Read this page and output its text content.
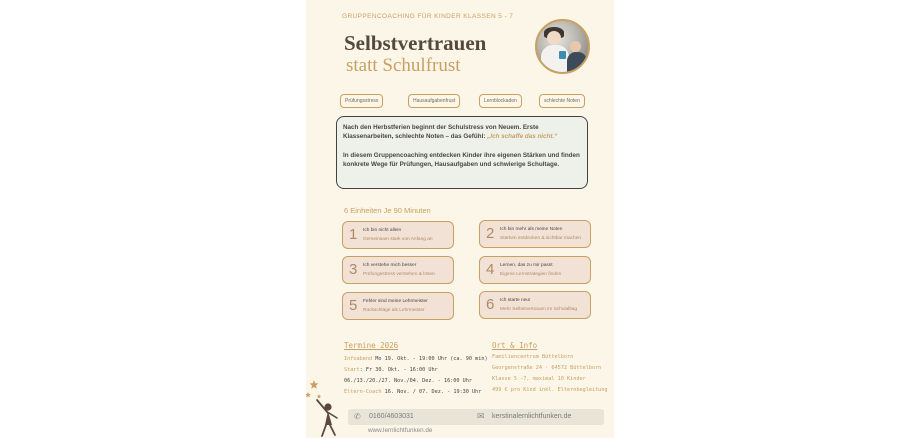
GRUPPENCOACHING FÜR KINDER KLASSEN 5 - 7
Selbstvertrauen
statt Schulfrust
Prüfungsstress	Hausaufgabenfrust	Lernblockaden	schlechte Noten

Nach den Herbstferien beginnt der Schulstress von Neuem. Erste Klassenarbeiten, schlechte Noten – das Gefühl: „Ich schaffe das nicht.“

In diesem Gruppencoaching entdecken Kinder ihre eigenen Stärken und finden konkrete Wege für Prüfungen, Hausaufgaben und schwierige Schultage.

6 Einheiten Je 90 Minuten
1 Ich bin nicht allein
Gemeinsam stark von Anfang an	2 Ich bin mehr als meine Noten
Stärken entdecken & sichtbar machen
3 Ich verstehe mich besser
Prüfungsstress verstehen & lösen	4 Lernen, das zu mir passt
Eigene Lernstrategien finden
5 Fehler sind meine Lehrmeister
Rückschläge als Lehrmeister	6 Ich starte neu!
Mehr Selbstvertrauen im Schulalltag
Termine 2026
Infoabend Mo 19. Okt. - 19:00 Uhr (ca. 90 min)
Start: Fr 30. Okt. - 16:00 Uhr
06./13./20./27. Nov./04. Dez. - 16:00 Uhr
Eltern-Coach 16. Nov. / 07. Dez. - 19:30 Uhr
Ort & Info
Familiencentrum Büttelborn
Georgenstraße 24 · 64572 Büttelborn
Klasse 5 -7, maximal 10 Kinder
499 € pro Kind inkl. Elternbegleitung
✆ 0160/4603031	✉ kerstinalernlichtfunken.de
www.lernlichtfunken.de
